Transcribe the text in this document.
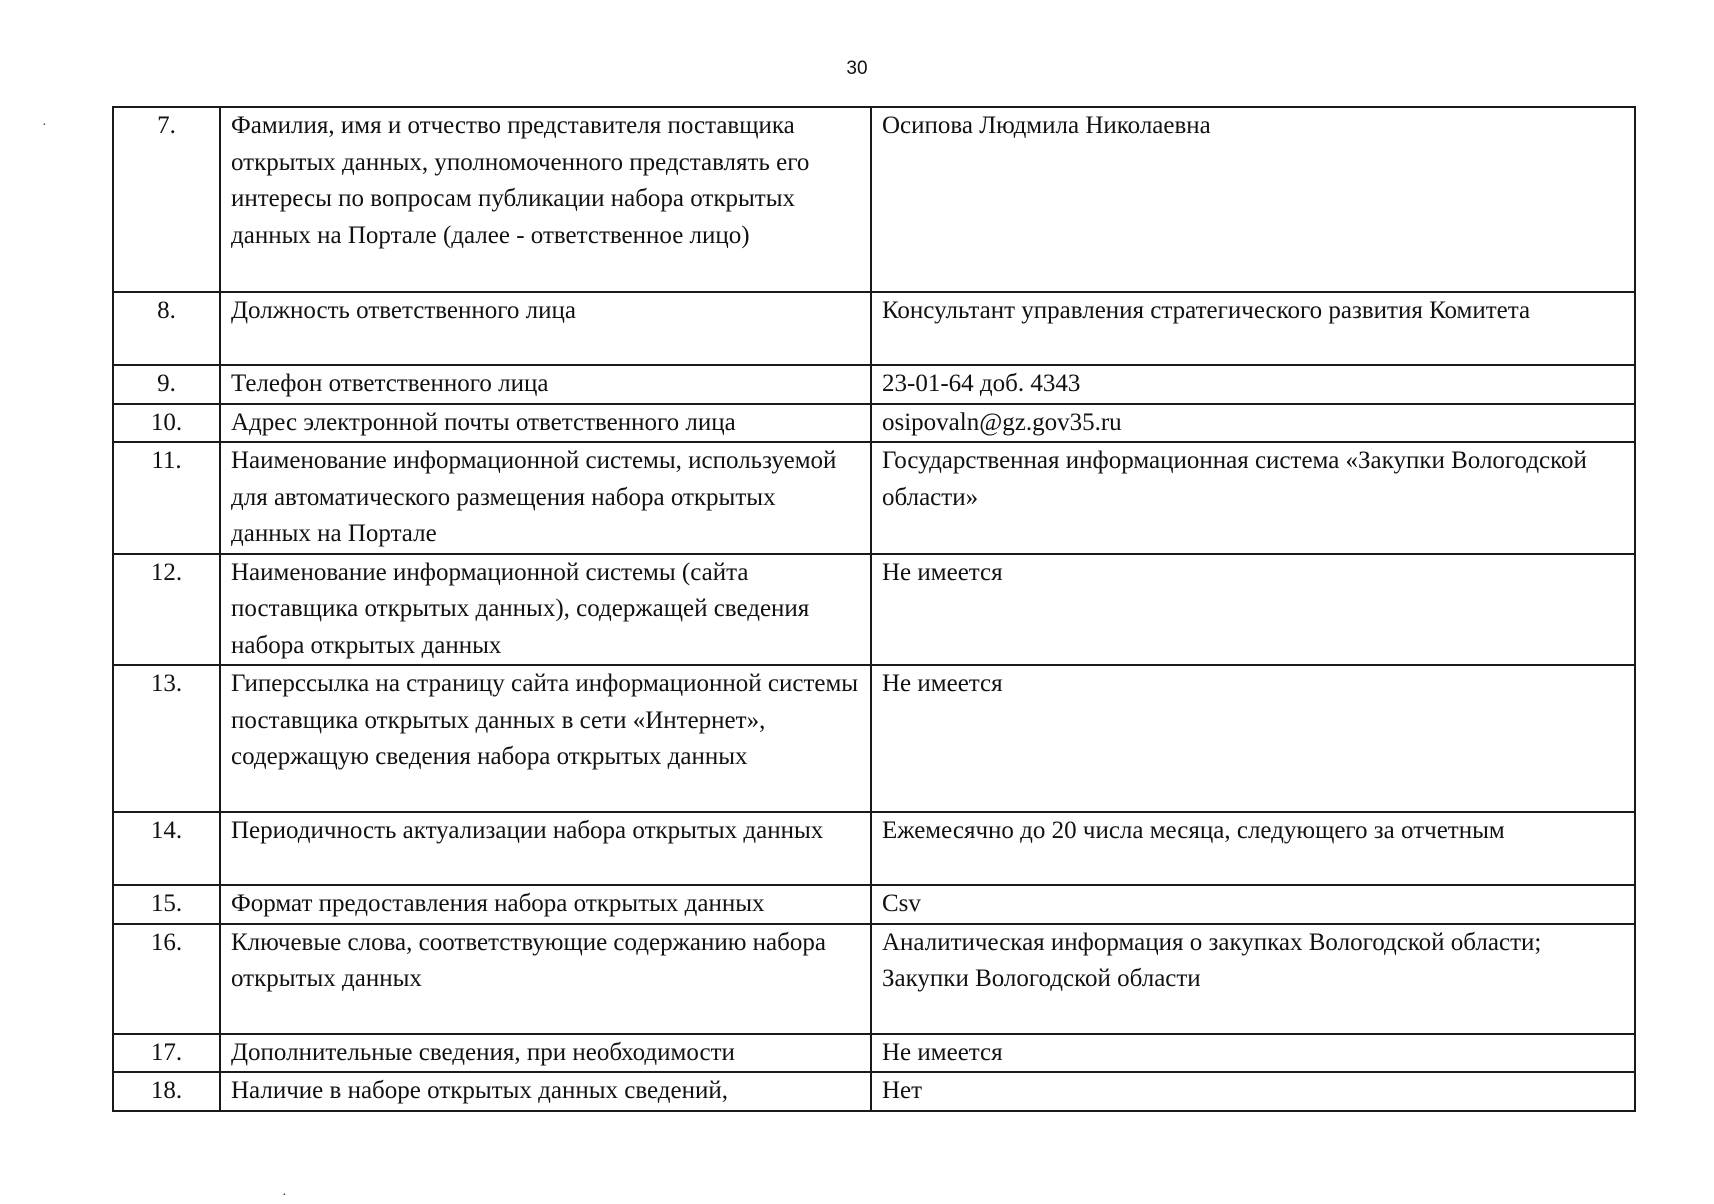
30
·
·
7.	Фамилия, имя и отчество представителя поставщика открытых данных, уполномоченного представлять его интересы по вопросам публикации набора открытых данных на Портале (далее - ответственное лицо)	Осипова Людмила Николаевна
8.	Должность ответственного лица	Консультант управления стратегического развития Комитета
9.	Телефон ответственного лица	23-01-64 доб. 4343
10.	Адрес электронной почты ответственного лица	osipovaln@gz.gov35.ru
11.	Наименование информационной системы, используемой для автоматического размещения набора открытых данных на Портале	Государственная информационная система «Закупки Вологодской области»
12.	Наименование информационной системы (сайта поставщика открытых данных), содержащей сведения набора открытых данных	Не имеется
13.	Гиперссылка на страницу сайта информационной системы поставщика открытых данных в сети «Интернет», содержащую сведения набора открытых данных	Не имеется
14.	Периодичность актуализации набора открытых данных	Ежемесячно до 20 числа месяца, следующего за отчетным
15.	Формат предоставления набора открытых данных	Csv
16.	Ключевые слова, соответствующие содержанию набора открытых данных	Аналитическая информация о закупках Вологодской области;
Закупки Вологодской области

17.	Дополнительные сведения, при необходимости	Не имеется
18.	Наличие в наборе открытых данных сведений,	Нет
